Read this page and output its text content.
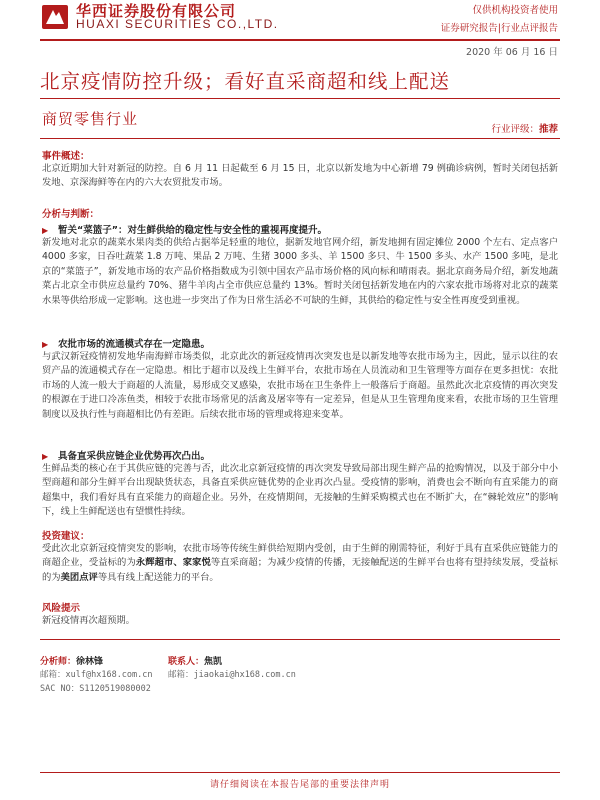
华西证券股份有限公司
HUAXI SECURITIES CO.,LTD.
仅供机构投资者使用
证券研究报告|行业点评报告
2020 年 06 月 16 日
北京疫情防控升级；看好直采商超和线上配送
商贸零售行业
行业评级：推荐
事件概述：
北京近期加大针对新冠的防控。自 6 月 11 日起截至 6 月 15 日，北京以新发地为中心新增 79 例确诊病例，暂时关闭包括新发地、京深海鲜等在内的六大农贸批发市场。
分析与判断：
▶ 暂关“菜篮子”：对生鲜供给的稳定性与安全性的重视再度提升。
新发地对北京的蔬菜水果肉类的供给占据举足轻重的地位，据新发地官网介绍，新发地拥有固定摊位 2000 个左右、定点客户 4000 多家，日吞吐蔬菜 1.8 万吨、果品 2 万吨、生猪 3000 多头、羊 1500 多只、牛 1500 多头、水产 1500 多吨，是北京的“菜篮子”，新发地市场的农产品价格指数成为引领中国农产品市场价格的风向标和晴雨表。据北京商务局介绍，新发地蔬菜占北京全市供应总量约 70%、猪牛羊肉占全市供应总量约 13%。暂时关闭包括新发地在内的六家农批市场将对北京的蔬菜水果等供给形成一定影响。这也进一步突出了作为日常生活必不可缺的生鲜，其供给的稳定性与安全性再度受到重视。
▶ 农批市场的流通模式存在一定隐患。
与武汉新冠疫情初发地华南海鲜市场类似，北京此次的新冠疫情再次突发也是以新发地等农批市场为主，因此，显示以往的农贸产品的流通模式存在一定隐患。相比于超市以及线上生鲜平台，农批市场在人员流动和卫生管理等方面存在更多担忧：农批市场的人流一般大于商超的人流量，易形成交叉感染，农批市场在卫生条件上一般落后于商超。虽然此次北京疫情的再次突发的根源在于进口冷冻鱼类，相较于农批市场常见的活禽及屠宰等有一定差异，但是从卫生管理角度来看，农批市场的卫生管理制度以及执行性与商超相比仍有差距。后续农批市场的管理或将迎来变革。
▶ 具备直采供应链企业优势再次凸出。
生鲜品类的核心在于其供应链的完善与否，此次北京新冠疫情的再次突发导致局部出现生鲜产品的抢购情况，以及于部分中小型商超和部分生鲜平台出现缺货状态，具备直采供应链优势的企业再次凸显。受疫情的影响，消费也会不断向有直采能力的商超集中，我们看好具有直采能力的商超企业。另外，在疫情期间，无接触的生鲜采购模式也在不断扩大，在“棘轮效应”的影响下，线上生鲜配送也有望惯性持续。
投资建议：
受此次北京新冠疫情突发的影响，农批市场等传统生鲜供给短期内受创，由于生鲜的刚需特征，利好于具有直采供应链能力的商超企业，受益标的为永辉超市、家家悦等直采商超；为减少疫情的传播，无接触配送的生鲜平台也将有望持续发展，受益标的为美团点评等具有线上配送能力的平台。
风险提示
新冠疫情再次超预期。
分析师：徐林锋
邮箱：xulf@hx168.com.cn
SAC NO：S1120519080002
联系人：焦凯
邮箱：jiaokai@hx168.com.cn
请仔细阅读在本报告尾部的重要法律声明
